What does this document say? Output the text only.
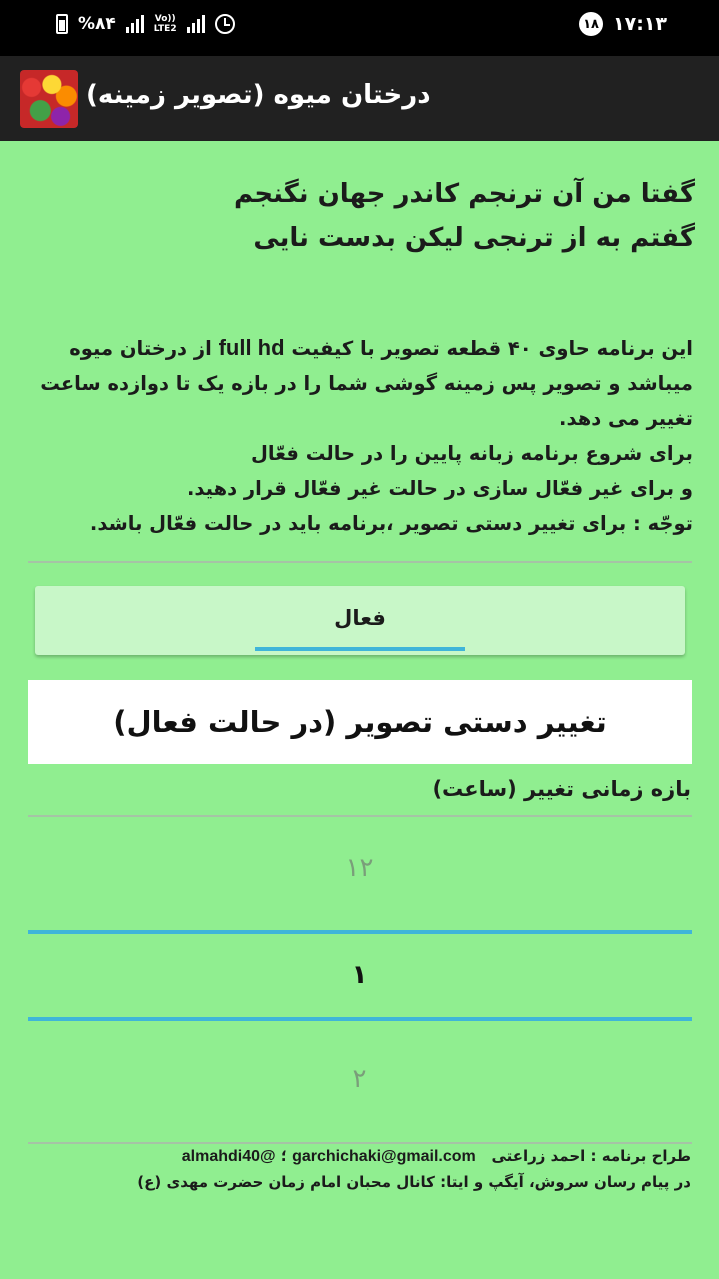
%۸۴	Vo))
LTE2	۱۸ ۱۷:۱۳
درختان میوه (تصویر زمینه)
گفتا من آن ترنجم کاندر جهان نگنجم
گفتم به از ترنجی لیکن بدست نایی
این برنامه حاوی ۴۰ قطعه تصویر با کیفیت full hd از درختان میوه میباشد و تصویر پس زمینه گوشی شما را در بازه یک تا دوازده ساعت تغییر می دهد.
برای شروع برنامه زبانه پایین را در حالت فعّال
و برای غیر فعّال سازی در حالت غیر فعّال قرار دهید.
توجّه : برای تغییر دستی تصویر ،برنامه باید در حالت فعّال باشد.
فعال
تغییر دستی تصویر (در حالت فعال)
بازه زمانی تغییر (ساعت)
۱۲
۱
۲
طراح برنامه : احمد زراعتی   garchichaki@gmail.com ؛ @almahdi40
در پیام رسان سروش، آیگپ و ایتا: کانال محبان امام زمان حضرت مهدی (ع)
